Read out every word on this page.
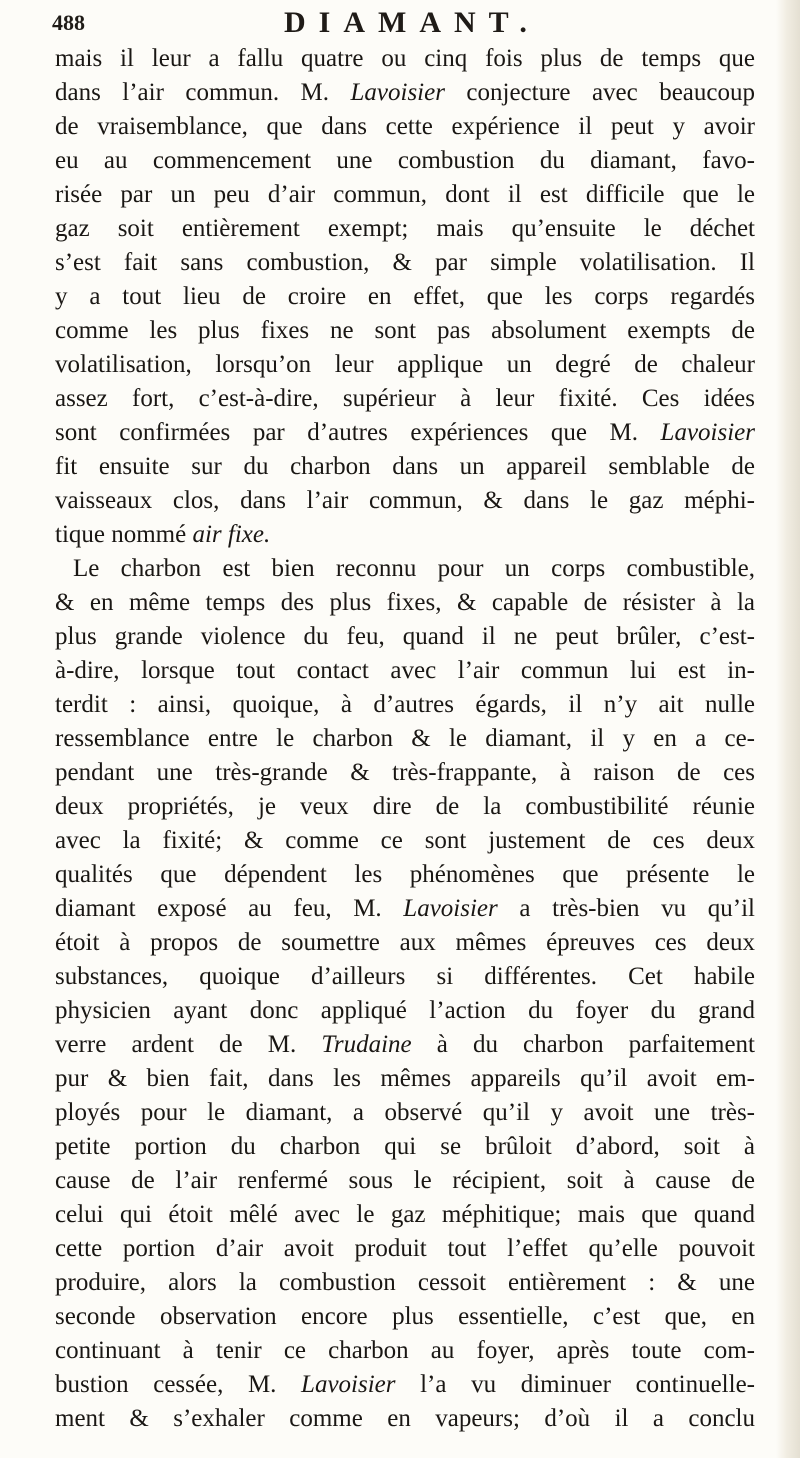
488	DIAMANT.
mais il leur a fallu quatre ou cinq fois plus de temps que
dans l’air commun. M. Lavoisier conjecture avec beaucoup
de vraisemblance, que dans cette expérience il peut y avoir
eu au commencement une combustion du diamant, favo-
risée par un peu d’air commun, dont il est difficile que le
gaz soit entièrement exempt; mais qu’ensuite le déchet
s’est fait sans combustion, & par simple volatilisation. Il
y a tout lieu de croire en effet, que les corps regardés
comme les plus fixes ne sont pas absolument exempts de
volatilisation, lorsqu’on leur applique un degré de chaleur
assez fort, c’est-à-dire, supérieur à leur fixité. Ces idées
sont confirmées par d’autres expériences que M. Lavoisier
fit ensuite sur du charbon dans un appareil semblable de
vaisseaux clos, dans l’air commun, & dans le gaz méphi-
tique nommé air fixe.
Le charbon est bien reconnu pour un corps combustible,
& en même temps des plus fixes, & capable de résister à la
plus grande violence du feu, quand il ne peut brûler, c’est-
à-dire, lorsque tout contact avec l’air commun lui est in-
terdit : ainsi, quoique, à d’autres égards, il n’y ait nulle
ressemblance entre le charbon & le diamant, il y en a ce-
pendant une très-grande & très-frappante, à raison de ces
deux propriétés, je veux dire de la combustibilité réunie
avec la fixité; & comme ce sont justement de ces deux
qualités que dépendent les phénomènes que présente le
diamant exposé au feu, M. Lavoisier a très-bien vu qu’il
étoit à propos de soumettre aux mêmes épreuves ces deux
substances, quoique d’ailleurs si différentes. Cet habile
physicien ayant donc appliqué l’action du foyer du grand
verre ardent de M. Trudaine à du charbon parfaitement
pur & bien fait, dans les mêmes appareils qu’il avoit em-
ployés pour le diamant, a observé qu’il y avoit une très-
petite portion du charbon qui se brûloit d’abord, soit à
cause de l’air renfermé sous le récipient, soit à cause de
celui qui étoit mêlé avec le gaz méphitique; mais que quand
cette portion d’air avoit produit tout l’effet qu’elle pouvoit
produire, alors la combustion cessoit entièrement : & une
seconde observation encore plus essentielle, c’est que, en
continuant à tenir ce charbon au foyer, après toute com-
bustion cessée, M. Lavoisier l’a vu diminuer continuelle-
ment & s’exhaler comme en vapeurs; d’où il a conclu
